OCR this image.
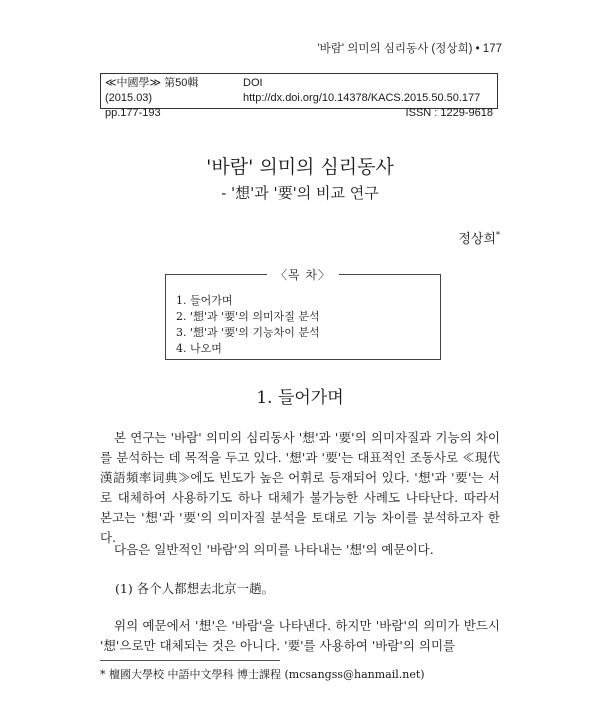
'바람' 의미의 심리동사 (정상희) • 177
≪中國學≫ 第50輯 (2015.03)
DOI http://dx.doi.org/10.14378/KACS.2015.50.50.177
pp.177-193	ISSN : 1229-9618
'바람' 의미의 심리동사
- '想'과 '要'의 비교 연구
정상희*
〈목 차〉
1. 들어가며
2. '想'과 '要'의 의미자질 분석
3. '想'과 '要'의 기능차이 분석
4. 나오며
1. 들어가며
본 연구는 '바람' 의미의 심리동사 '想'과 '要'의 의미자질과 기능의 차이를 분석하는 데 목적을 두고 있다. '想'과 '要'는 대표적인 조동사로 ≪現代漢語頻率词典≫에도 빈도가 높은 어휘로 등재되어 있다. '想'과 '要'는 서로 대체하여 사용하기도 하나 대체가 불가능한 사례도 나타난다. 따라서 본고는 '想'과 '要'의 의미자질 분석을 토대로 기능 차이를 분석하고자 한다.
다음은 일반적인 '바람'의 의미를 나타내는 '想'의 예문이다.
(1) 各个人都想去北京一趟。
위의 예문에서 '想'은 '바람'을 나타낸다. 하지만 '바람'의 의미가 반드시 '想'으로만 대체되는 것은 아니다. '要'를 사용하여 '바람'의 의미를
* 檀國大學校 中語中文學科 博士課程 (mcsangss@hanmail.net)
